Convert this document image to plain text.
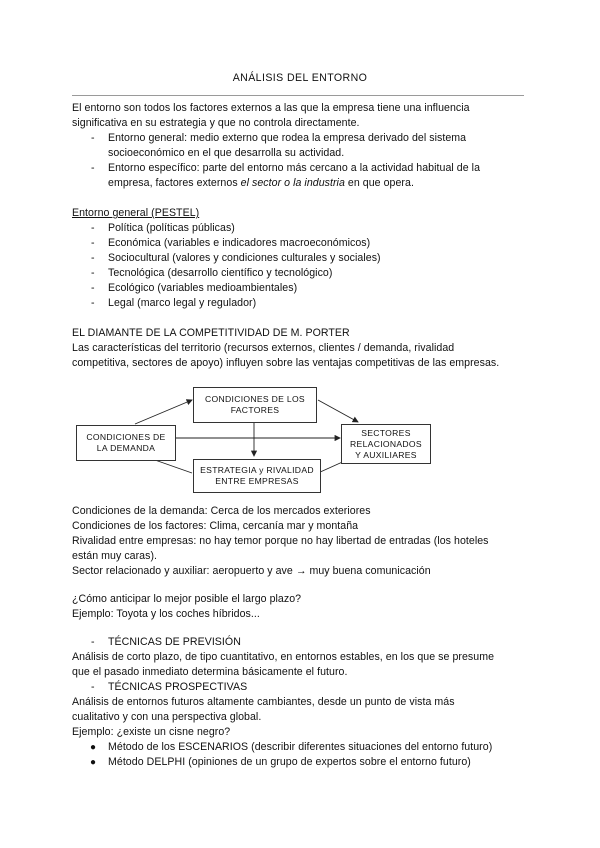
ANÁLISIS DEL ENTORNO
El entorno son todos los factores externos a las que la empresa tiene una influencia
significativa en su estrategia y que no controla directamente.
- Entorno general: medio externo que rodea la empresa derivado del sistema
socioeconómico en el que desarrolla su actividad.
- Entorno específico: parte del entorno más cercano a la actividad habitual de la
empresa, factores externos el sector o la industria en que opera.
Entorno general (PESTEL)
- Política (políticas públicas)
- Económica (variables e indicadores macroeconómicos)
- Sociocultural (valores y condiciones culturales y sociales)
- Tecnológica (desarrollo científico y tecnológico)
- Ecológico (variables medioambientales)
- Legal (marco legal y regulador)
EL DIAMANTE DE LA COMPETITIVIDAD DE M. PORTER
Las características del territorio (recursos externos, clientes / demanda, rivalidad
competitiva, sectores de apoyo) influyen sobre las ventajas competitivas de las empresas.
CONDICIONES DE LOS
FACTORES
CONDICIONES DE
LA DEMANDA
SECTORES
RELACIONADOS
Y AUXILIARES
ESTRATEGIA y RIVALIDAD
ENTRE EMPRESAS
Condiciones de la demanda: Cerca de los mercados exteriores
Condiciones de los factores: Clima, cercanía mar y montaña
Rivalidad entre empresas: no hay temor porque no hay libertad de entradas (los hoteles
están muy caras).
Sector relacionado y auxiliar: aeropuerto y ave → muy buena comunicación
¿Cómo anticipar lo mejor posible el largo plazo?
Ejemplo: Toyota y los coches híbridos...
- TÉCNICAS DE PREVISIÓN
Análisis de corto plazo, de tipo cuantitativo, en entornos estables, en los que se presume
que el pasado inmediato determina básicamente el futuro.
- TÉCNICAS PROSPECTIVAS
Análisis de entornos futuros altamente cambiantes, desde un punto de vista más
cualitativo y con una perspectiva global.
Ejemplo: ¿existe un cisne negro?
● Método de los ESCENARIOS (describir diferentes situaciones del entorno futuro)
● Método DELPHI (opiniones de un grupo de expertos sobre el entorno futuro)
